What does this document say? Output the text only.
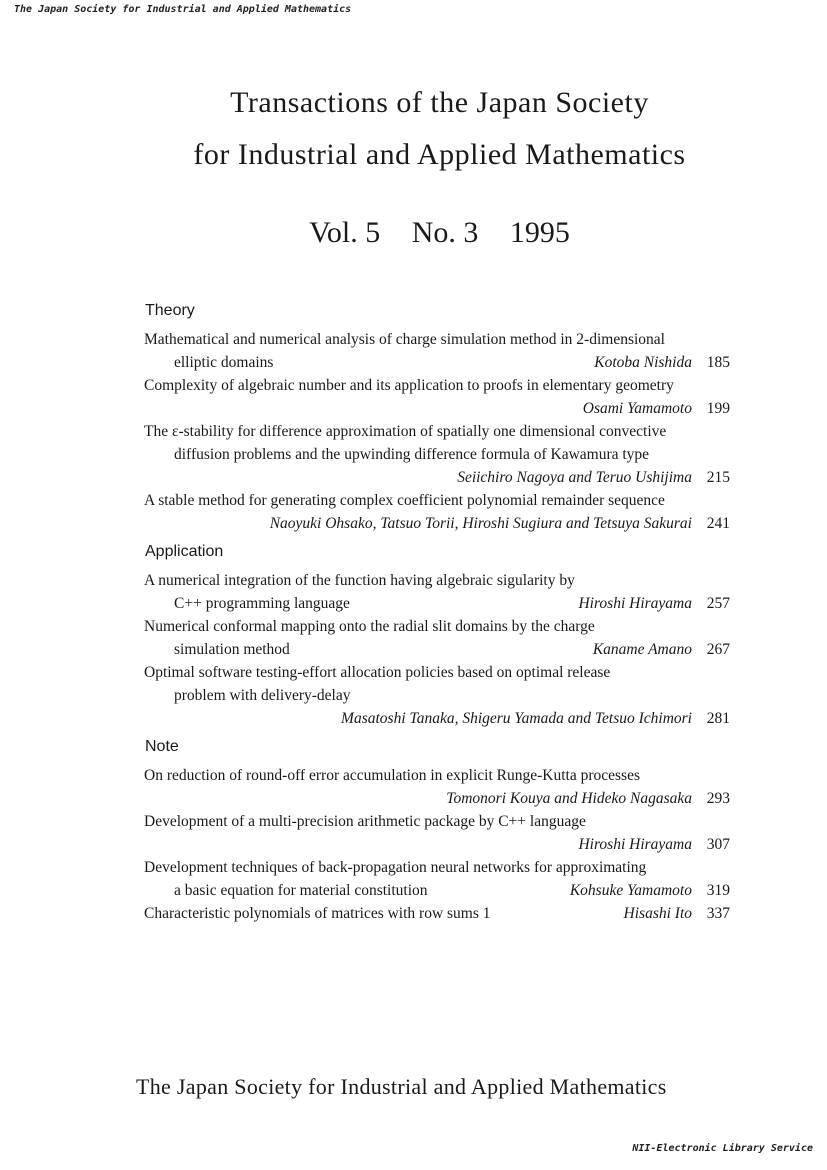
The Japan Society for Industrial and Applied Mathematics
Transactions of the Japan Society
for Industrial and Applied Mathematics
Vol. 5 No. 3 1995
Theory
Mathematical and numerical analysis of charge simulation method in 2-dimensional
elliptic domains	Kotoba Nishida 185
Complexity of algebraic number and its application to proofs in elementary geometry
Osami Yamamoto 199
The ε-stability for difference approximation of spatially one dimensional convective
diffusion problems and the upwinding difference formula of Kawamura type
Seiichiro Nagoya and Teruo Ushijima 215
A stable method for generating complex coefficient polynomial remainder sequence
Naoyuki Ohsako, Tatsuo Torii, Hiroshi Sugiura and Tetsuya Sakurai 241
Application
A numerical integration of the function having algebraic sigularity by
C++ programming language	Hiroshi Hirayama 257
Numerical conformal mapping onto the radial slit domains by the charge
simulation method	Kaname Amano 267
Optimal software testing-effort allocation policies based on optimal release
problem with delivery-delay
Masatoshi Tanaka, Shigeru Yamada and Tetsuo Ichimori 281
Note
On reduction of round-off error accumulation in explicit Runge-Kutta processes
Tomonori Kouya and Hideko Nagasaka 293
Development of a multi-precision arithmetic package by C++ language
Hiroshi Hirayama 307
Development techniques of back-propagation neural networks for approximating
a basic equation for material constitution	Kohsuke Yamamoto 319
Characteristic polynomials of matrices with row sums 1	Hisashi Ito 337
The Japan Society for Industrial and Applied Mathematics
NII-Electronic Library Service
